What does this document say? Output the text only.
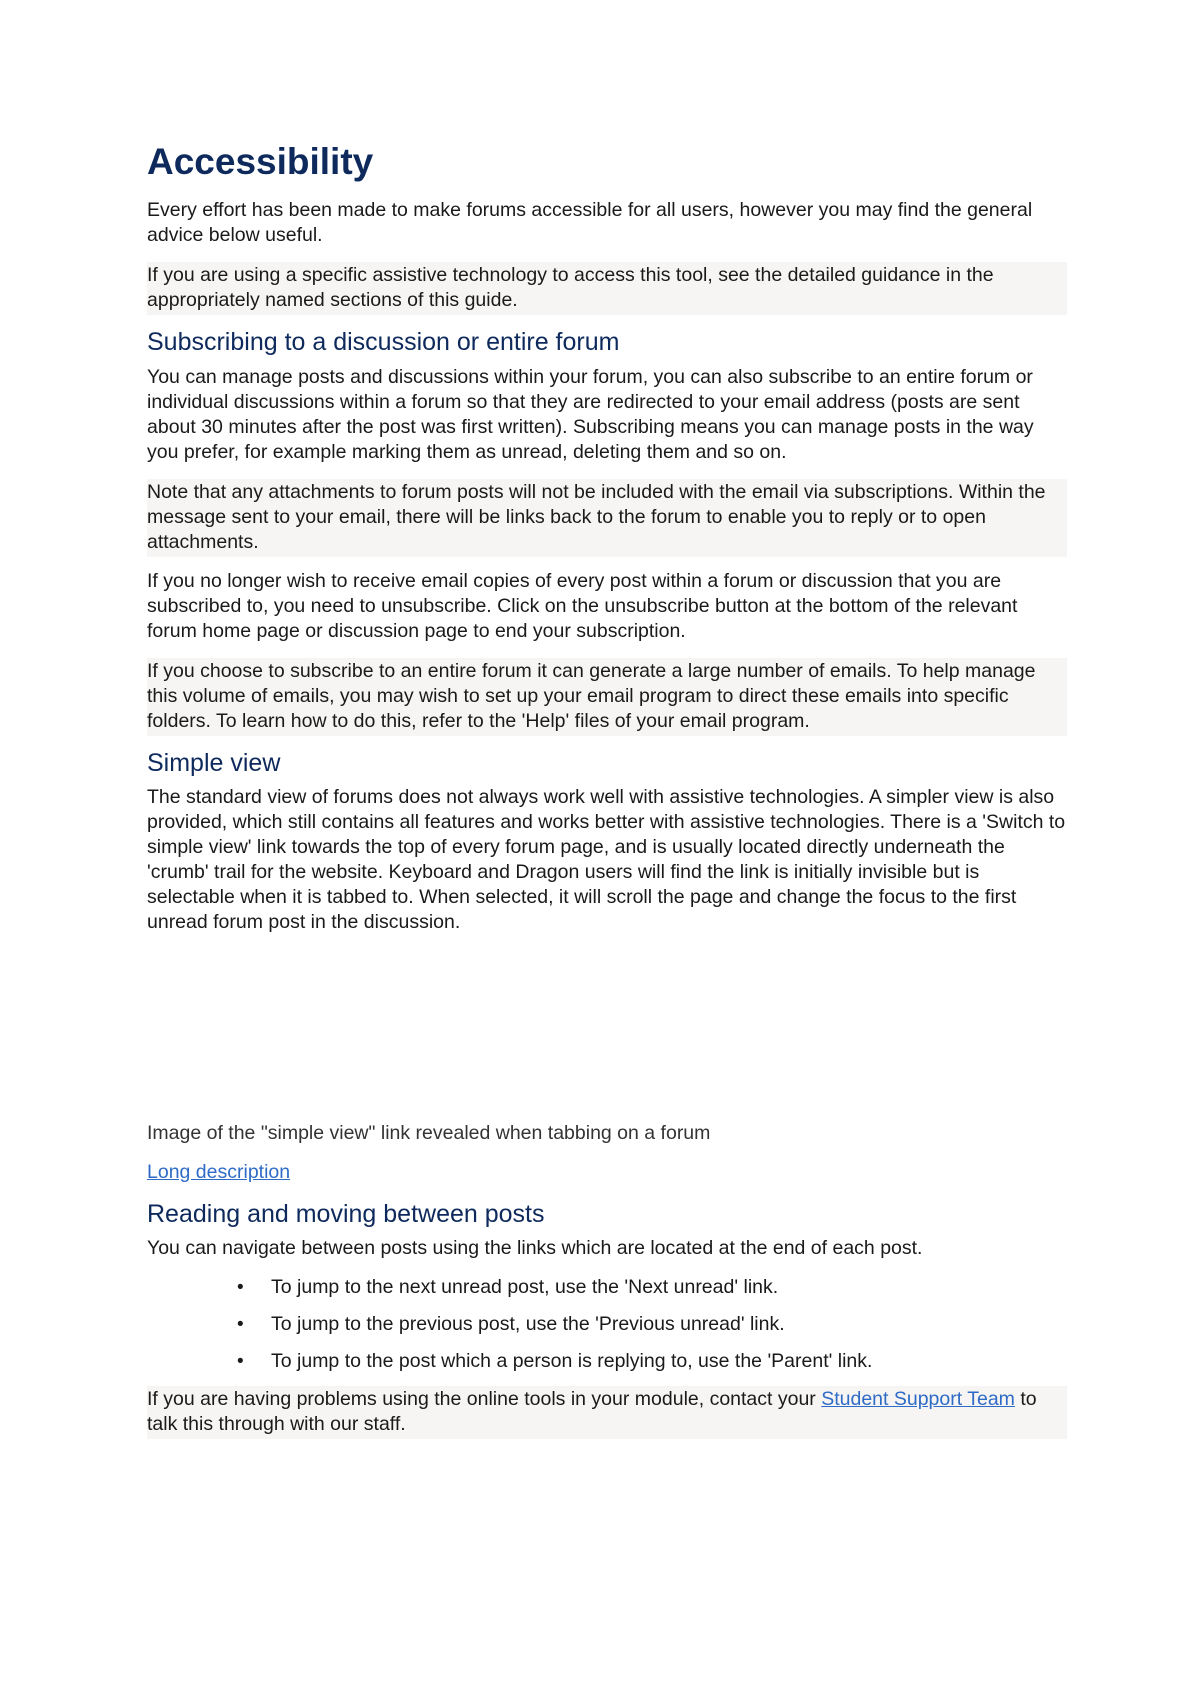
Accessibility

Every effort has been made to make forums accessible for all users, however you may find the general advice below useful.

If you are using a specific assistive technology to access this tool, see the detailed guidance in the appropriately named sections of this guide.

Subscribing to a discussion or entire forum

You can manage posts and discussions within your forum, you can also subscribe to an entire forum or individual discussions within a forum so that they are redirected to your email address (posts are sent about 30 minutes after the post was first written). Subscribing means you can manage posts in the way you prefer, for example marking them as unread, deleting them and so on.

Note that any attachments to forum posts will not be included with the email via subscriptions. Within the message sent to your email, there will be links back to the forum to enable you to reply or to open attachments.

If you no longer wish to receive email copies of every post within a forum or discussion that you are subscribed to, you need to unsubscribe. Click on the unsubscribe button at the bottom of the relevant forum home page or discussion page to end your subscription.

If you choose to subscribe to an entire forum it can generate a large number of emails. To help manage this volume of emails, you may wish to set up your email program to direct these emails into specific folders. To learn how to do this, refer to the 'Help' files of your email program.

Simple view

The standard view of forums does not always work well with assistive technologies. A simpler view is also provided, which still contains all features and works better with assistive technologies. There is a 'Switch to simple view' link towards the top of every forum page, and is usually located directly underneath the 'crumb' trail for the website. Keyboard and Dragon users will find the link is initially invisible but is selectable when it is tabbed to. When selected, it will scroll the page and change the focus to the first unread forum post in the discussion.

Image of the "simple view" link revealed when tabbing on a forum

Long description

Reading and moving between posts

You can navigate between posts using the links which are located at the end of each post.

• To jump to the next unread post, use the 'Next unread' link.
• To jump to the previous post, use the 'Previous unread' link.
• To jump to the post which a person is replying to, use the 'Parent' link.

If you are having problems using the online tools in your module, contact your Student Support Team to talk this through with our staff.
